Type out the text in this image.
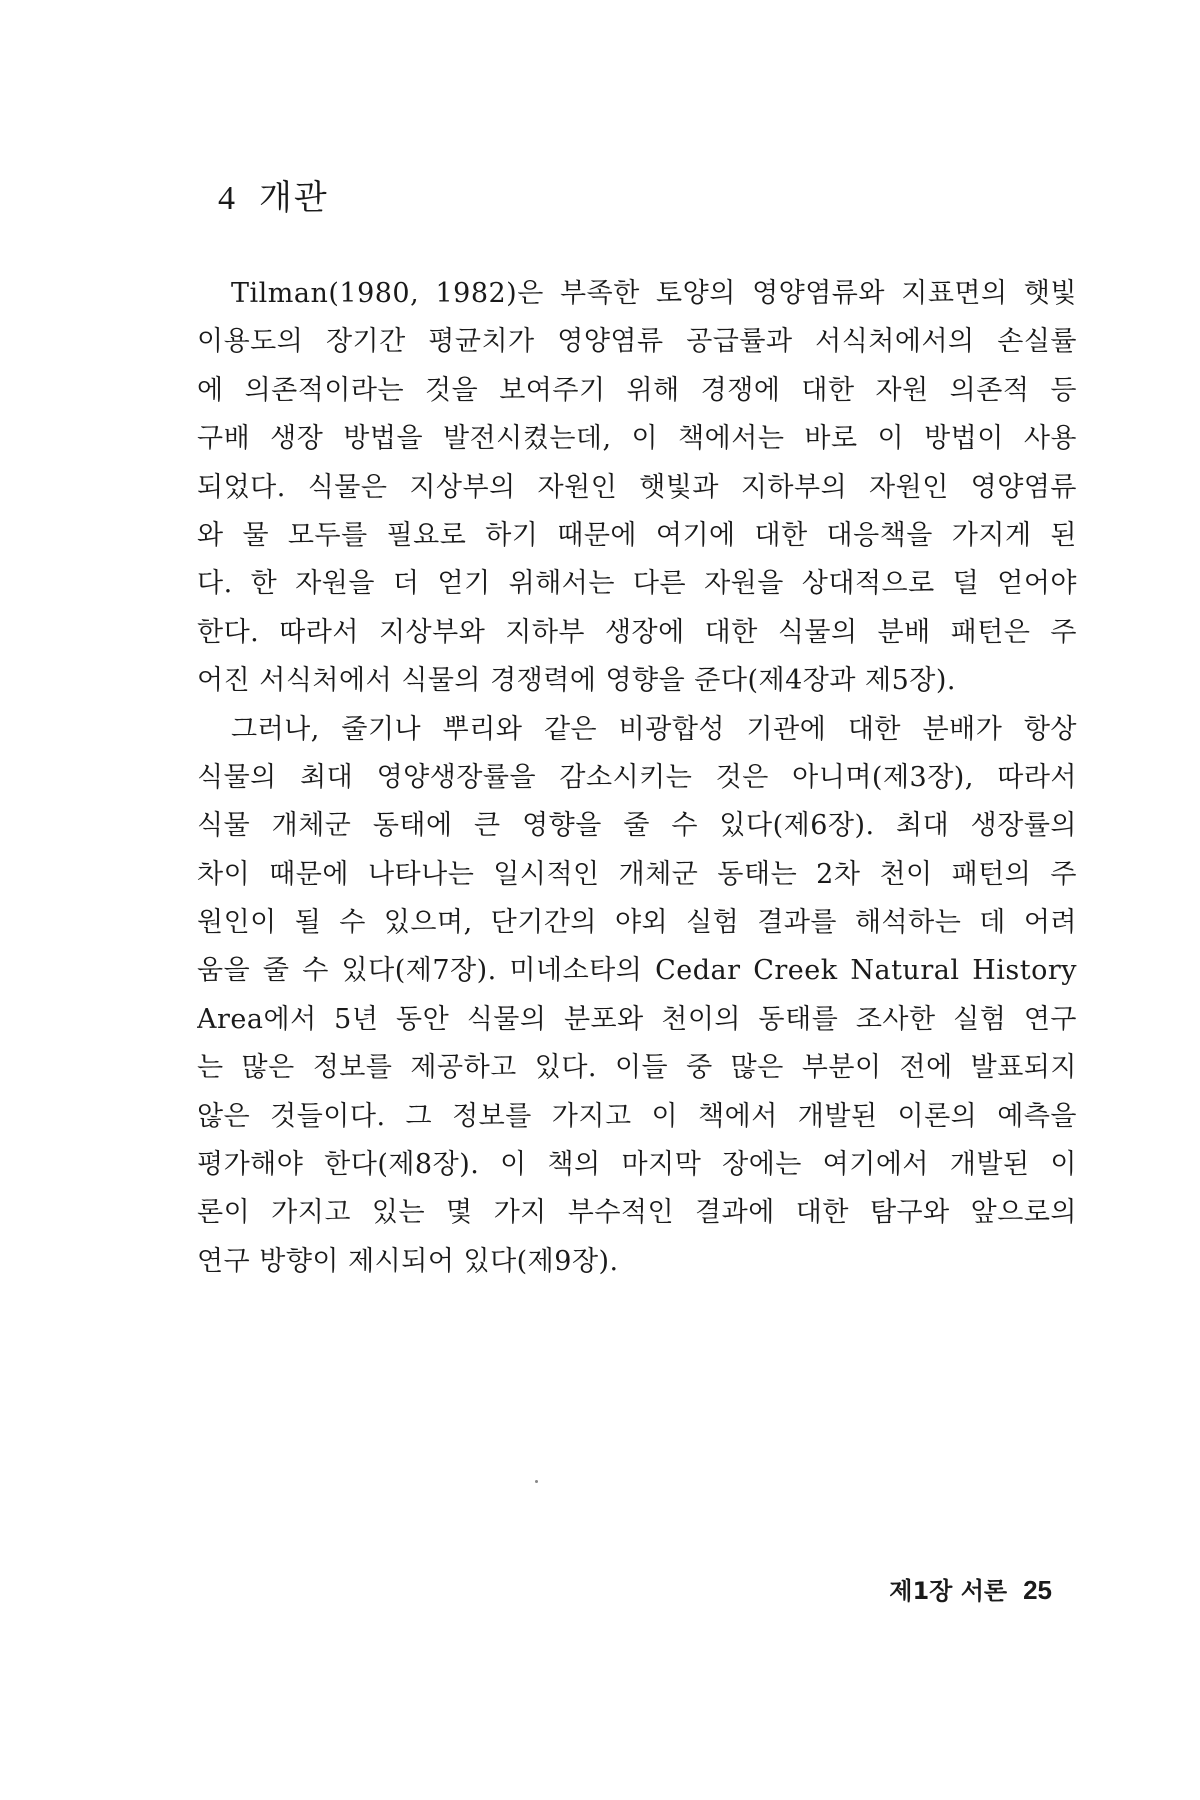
4 개관
Tilman(1980, 1982)은 부족한 토양의 영양염류와 지표면의 햇빛
이용도의 장기간 평균치가 영양염류 공급률과 서식처에서의 손실률
에 의존적이라는 것을 보여주기 위해 경쟁에 대한 자원 의존적 등
구배 생장 방법을 발전시켰는데, 이 책에서는 바로 이 방법이 사용
되었다. 식물은 지상부의 자원인 햇빛과 지하부의 자원인 영양염류
와 물 모두를 필요로 하기 때문에 여기에 대한 대응책을 가지게 된
다. 한 자원을 더 얻기 위해서는 다른 자원을 상대적으로 덜 얻어야
한다. 따라서 지상부와 지하부 생장에 대한 식물의 분배 패턴은 주
어진 서식처에서 식물의 경쟁력에 영향을 준다(제4장과 제5장).
그러나, 줄기나 뿌리와 같은 비광합성 기관에 대한 분배가 항상
식물의 최대 영양생장률을 감소시키는 것은 아니며(제3장), 따라서
식물 개체군 동태에 큰 영향을 줄 수 있다(제6장). 최대 생장률의
차이 때문에 나타나는 일시적인 개체군 동태는 2차 천이 패턴의 주
원인이 될 수 있으며, 단기간의 야외 실험 결과를 해석하는 데 어려
움을 줄 수 있다(제7장). 미네소타의 Cedar Creek Natural History
Area에서 5년 동안 식물의 분포와 천이의 동태를 조사한 실험 연구
는 많은 정보를 제공하고 있다. 이들 중 많은 부분이 전에 발표되지
않은 것들이다. 그 정보를 가지고 이 책에서 개발된 이론의 예측을
평가해야 한다(제8장). 이 책의 마지막 장에는 여기에서 개발된 이
론이 가지고 있는 몇 가지 부수적인 결과에 대한 탐구와 앞으로의
연구 방향이 제시되어 있다(제9장).
제1장 서론 25
